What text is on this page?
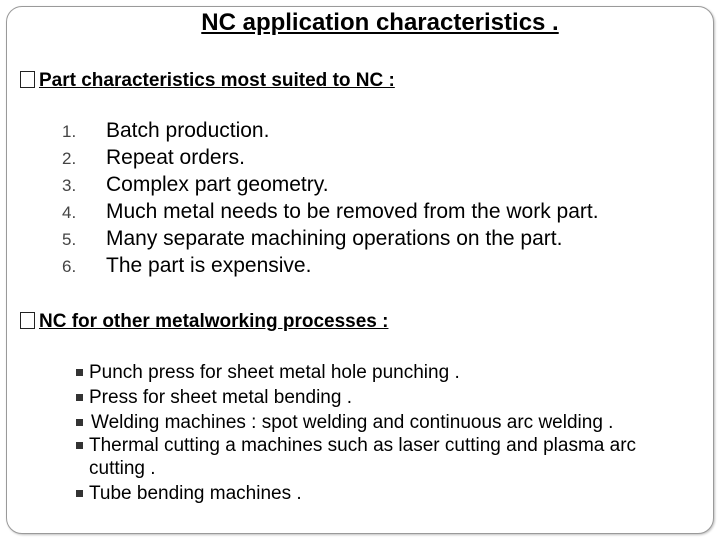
NC application characteristics .
Part characteristics most suited to NC :
1. Batch production.
2. Repeat orders.
3. Complex part geometry.
4. Much metal needs to be removed from the work part.
5. Many separate machining operations on the part.
6. The part is expensive.
NC for other metalworking processes :
Punch press for sheet metal hole punching .
Press for sheet metal bending .
Welding machines : spot welding and continuous arc welding .
Thermal cutting a machines such as laser cutting and plasma arc cutting .
Tube bending machines .
